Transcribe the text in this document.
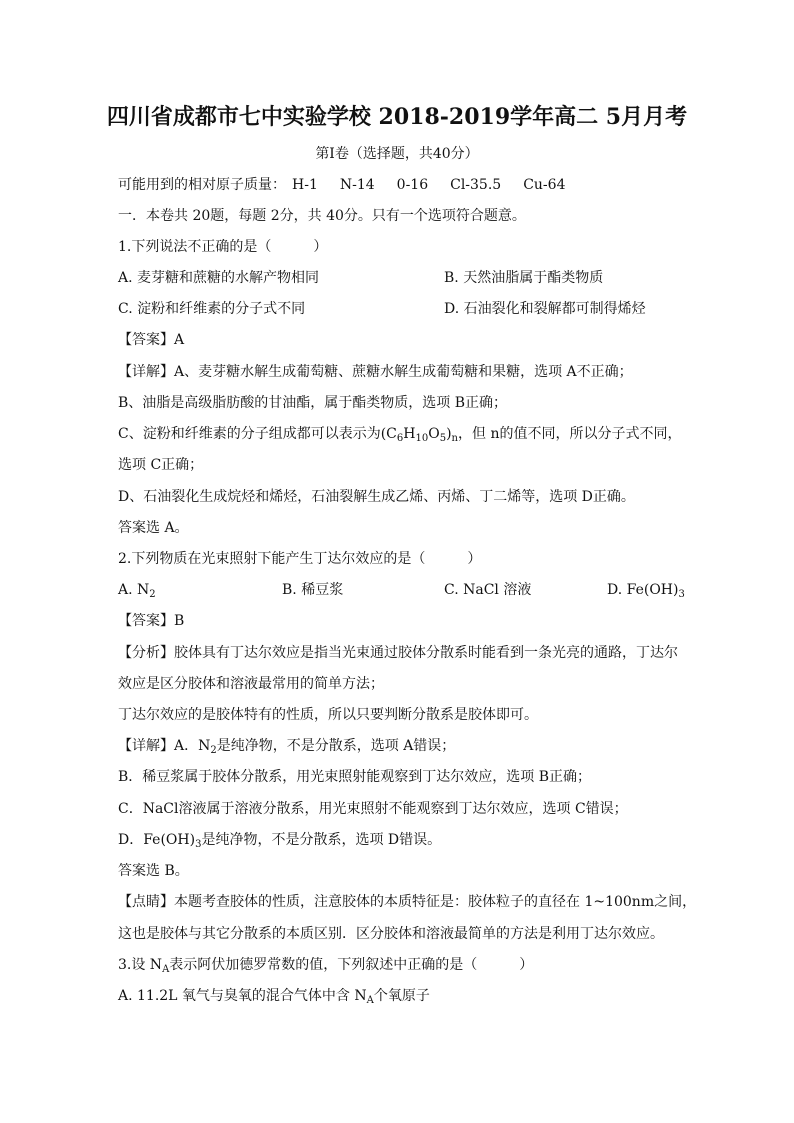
四川省成都市七中实验学校 2018-2019学年高二 5月月考
第I卷（选择题，共40分）
可能用到的相对原子质量： H-1 N-14 0-16 Cl-35.5 Cu-64
一．本卷共 20题，每题 2分，共 40分。只有一个选项符合题意。
1.下列说法不正确的是（　　　）
A. 麦芽糖和蔗糖的水解产物相同	B. 天然油脂属于酯类物质
C. 淀粉和纤维素的分子式不同	D. 石油裂化和裂解都可制得烯烃
【答案】A
【详解】A、麦芽糖水解生成葡萄糖、蔗糖水解生成葡萄糖和果糖，选项 A不正确；
B、油脂是高级脂肪酸的甘油酯，属于酯类物质，选项 B正确；
C、淀粉和纤维素的分子组成都可以表示为$(C_6H_{10}O_5)_n$，但 n的值不同，所以分子式不同，
选项 C正确；
D、石油裂化生成烷烃和烯烃，石油裂解生成乙烯、丙烯、丁二烯等，选项 D正确。
答案选 A。
2.下列物质在光束照射下能产生丁达尔效应的是（　　　）
A. $N_2$	B. 稀豆浆	C. NaCl 溶液	D. $Fe(OH)_3$
【答案】B
【分析】胶体具有丁达尔效应是指当光束通过胶体分散系时能看到一条光亮的通路，丁达尔
效应是区分胶体和溶液最常用的简单方法；
丁达尔效应的是胶体特有的性质，所以只要判断分散系是胶体即可。
【详解】A．$N_2$是纯净物，不是分散系，选项 A错误；
B．稀豆浆属于胶体分散系，用光束照射能观察到丁达尔效应，选项 B正确；
C．NaCl溶液属于溶液分散系，用光束照射不能观察到丁达尔效应，选项 C错误；
D．$Fe(OH)_3$是纯净物，不是分散系，选项 D错误。
答案选 B。
【点睛】本题考查胶体的性质，注意胶体的本质特征是：胶体粒子的直径在 1~100nm之间，
这也是胶体与其它分散系的本质区别．区分胶体和溶液最简单的方法是利用丁达尔效应。
3.设 $N_A$表示阿伏加德罗常数的值，下列叙述中正确的是（　　　）
A. 11.2L 氧气与臭氧的混合气体中含 $N_A$个氧原子
